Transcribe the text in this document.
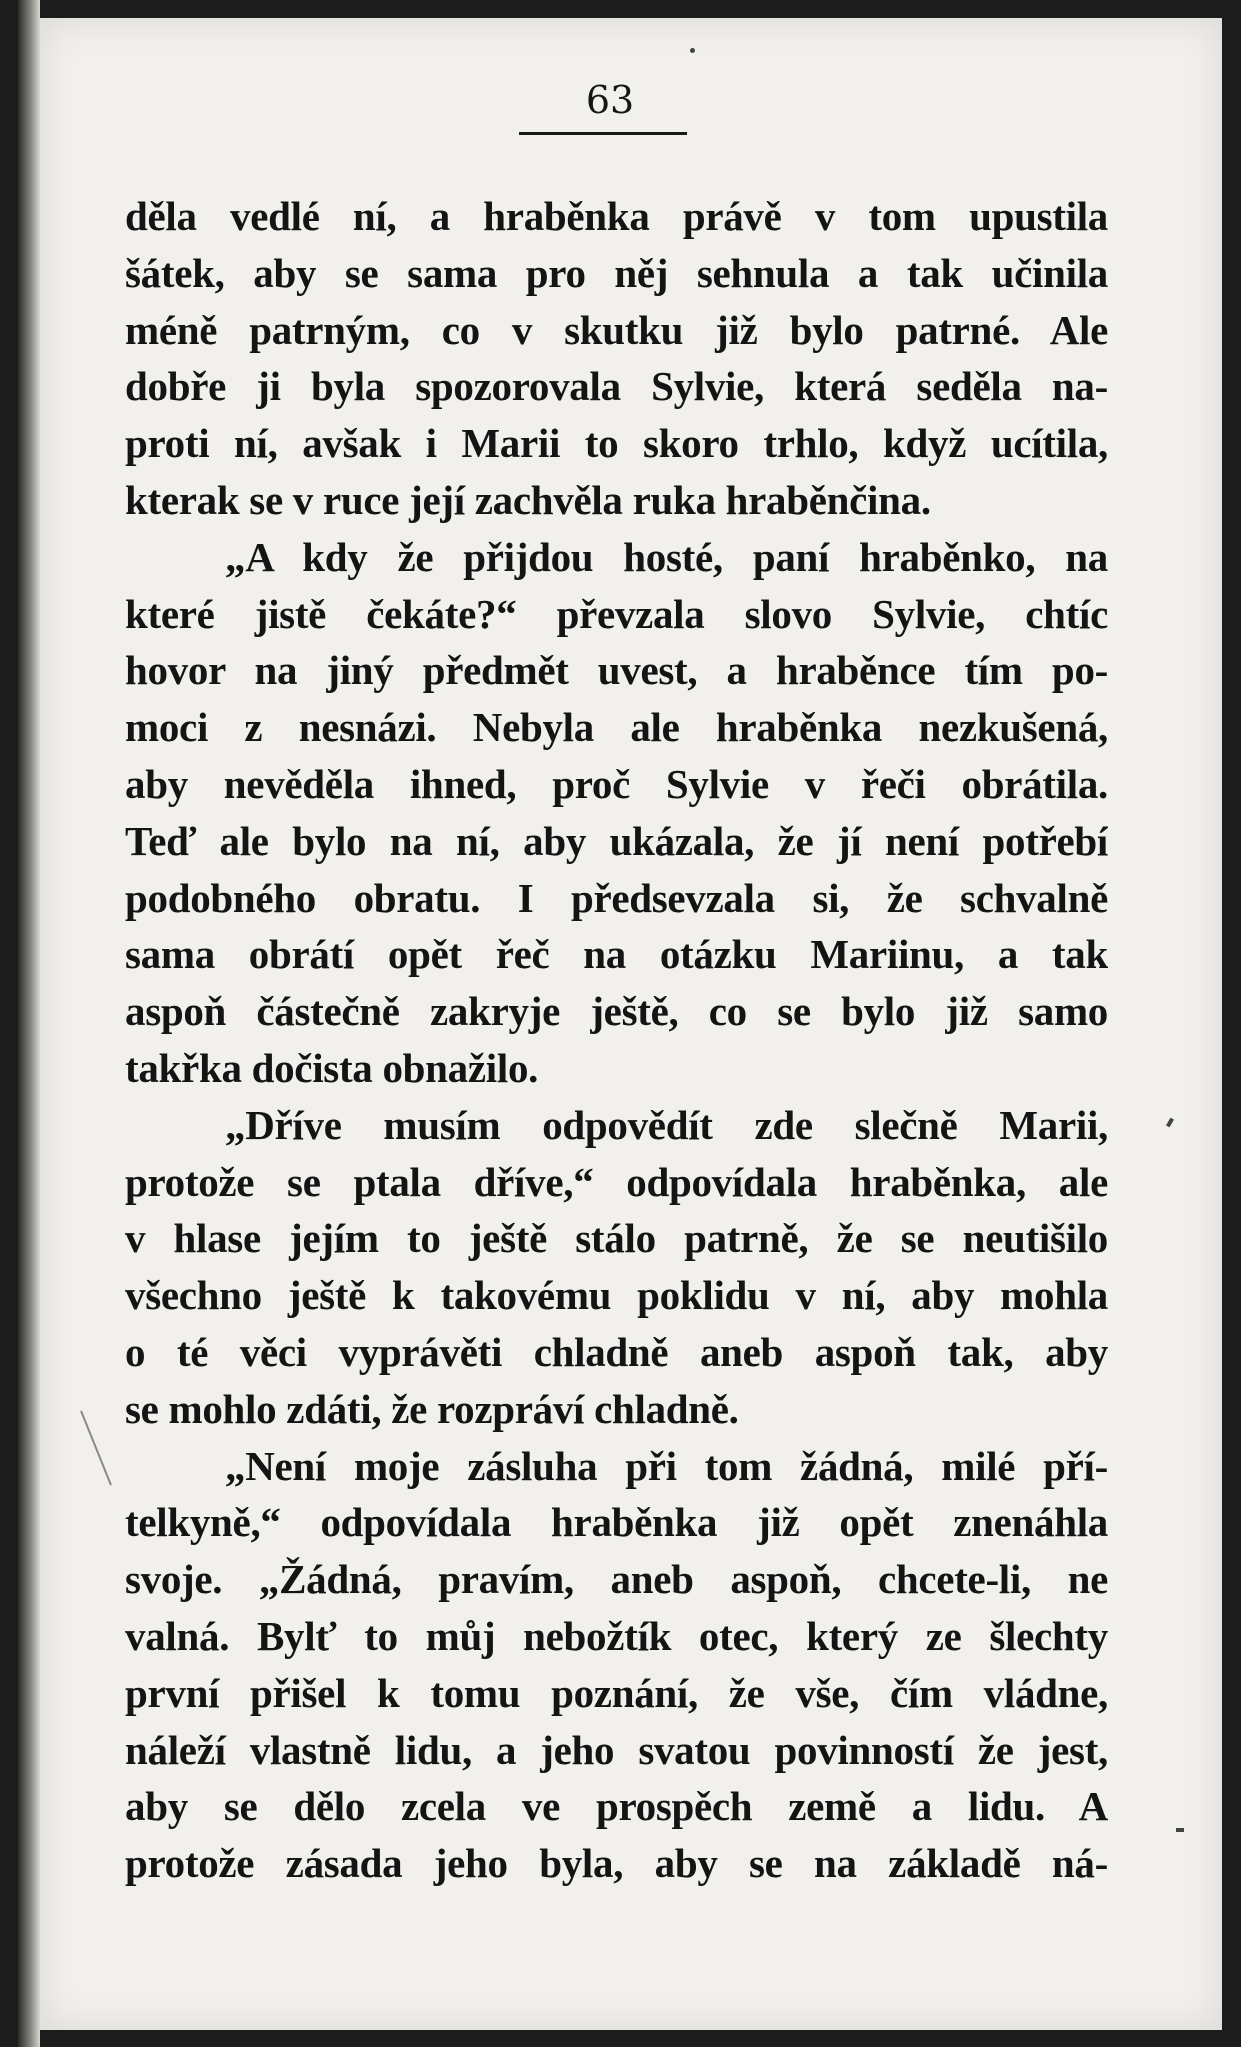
63
děla vedlé ní, a hraběnka právě v tom upustila
šátek, aby se sama pro něj sehnula a tak učinila
méně patrným, co v skutku již bylo patrné. Ale
dobře ji byla spozorovala Sylvie, která seděla na-
proti ní, avšak i Marii to skoro trhlo, když ucítila,
kterak se v ruce její zachvěla ruka hraběnčina.
„A kdy že přijdou hosté, paní hraběnko, na
které jistě čekáte?“ převzala slovo Sylvie, chtíc
hovor na jiný předmět uvest, a hraběnce tím po-
moci z nesnázi. Nebyla ale hraběnka nezkušená,
aby nevěděla ihned, proč Sylvie v řeči obrátila.
Teď ale bylo na ní, aby ukázala, že jí není potřebí
podobného obratu. I předsevzala si, že schvalně
sama obrátí opět řeč na otázku Mariinu, a tak
aspoň částečně zakryje ještě, co se bylo již samo
takřka dočista obnažilo.
„Dříve musím odpovědít zde slečně Marii,
protože se ptala dříve,“ odpovídala hraběnka, ale
v hlase jejím to ještě stálo patrně, že se neutišilo
všechno ještě k takovému poklidu v ní, aby mohla
o té věci vyprávěti chladně aneb aspoň tak, aby
se mohlo zdáti, že rozpráví chladně.
„Není moje zásluha při tom žádná, milé pří-
telkyně,“ odpovídala hraběnka již opět znenáhla
svoje. „Žádná, pravím, aneb aspoň, chcete-li, ne
valná. Bylť to můj nebožtík otec, který ze šlechty
první přišel k tomu poznání, že vše, čím vládne,
náleží vlastně lidu, a jeho svatou povinností že jest,
aby se dělo zcela ve prospěch země a lidu. A
protože zásada jeho byla, aby se na základě ná-
